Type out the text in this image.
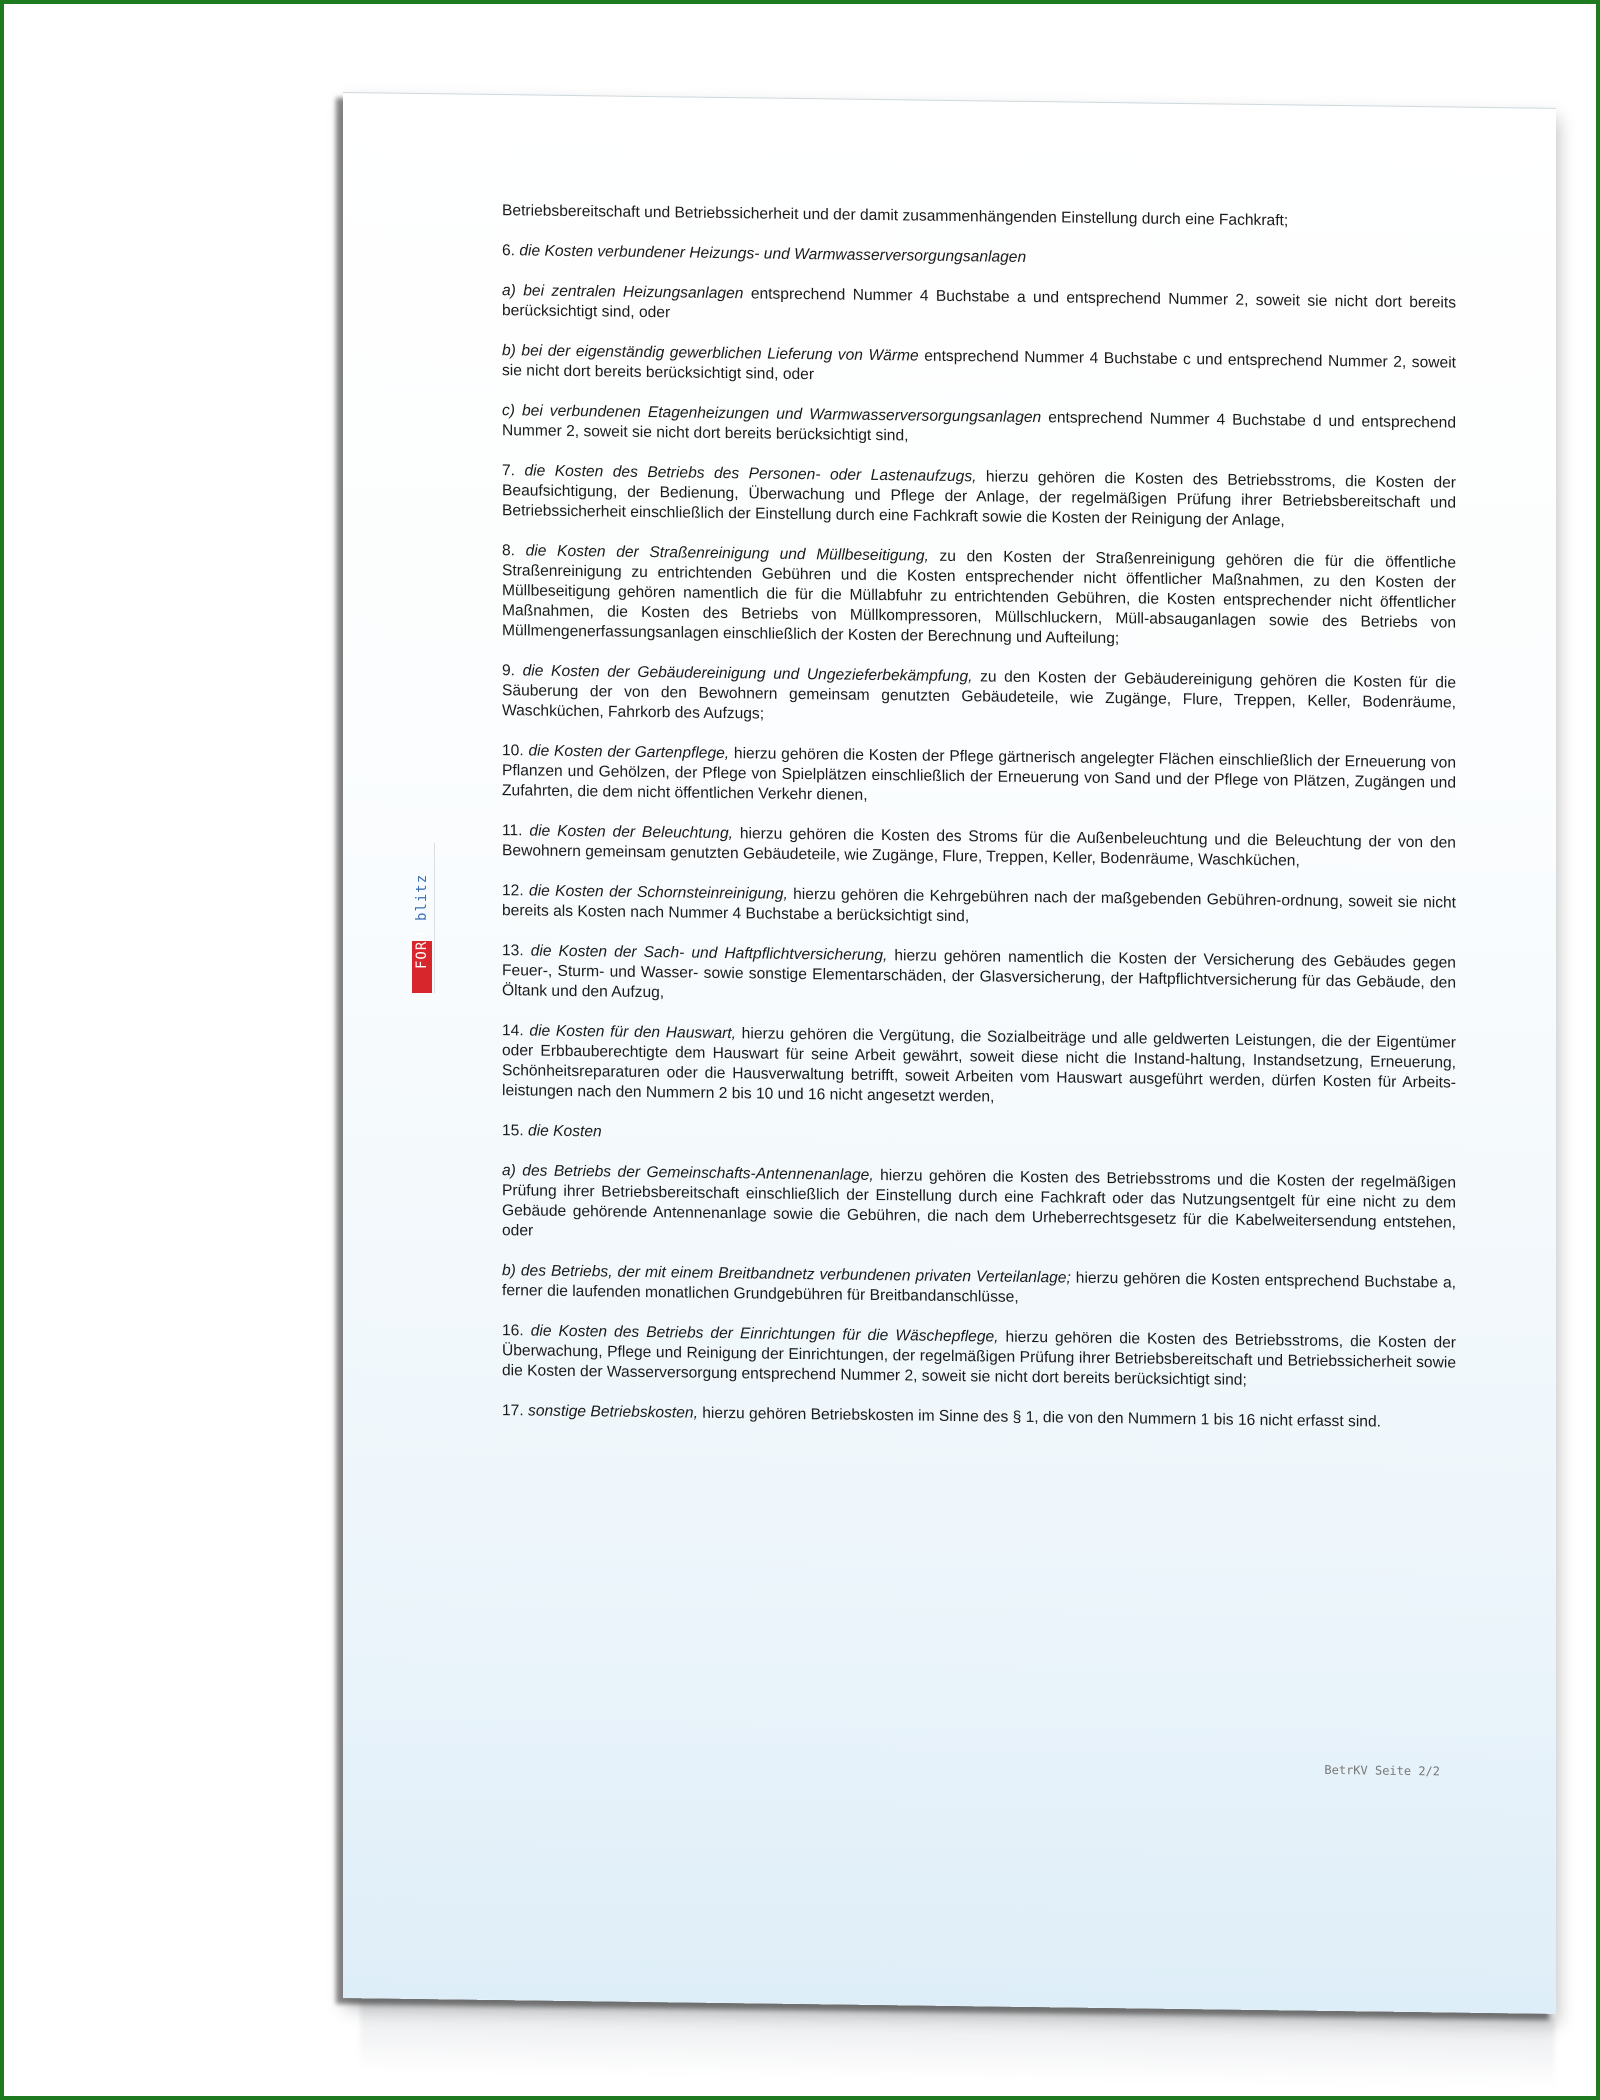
Betriebsbereitschaft und Betriebssicherheit und der damit zusammenhängenden Einstellung durch eine Fachkraft;

6. die Kosten verbundener Heizungs- und Warmwasserversorgungsanlagen

a) bei zentralen Heizungsanlagen entsprechend Nummer 4 Buchstabe a und entsprechend Nummer 2, soweit sie nicht dort bereits berücksichtigt sind, oder

b) bei der eigenständig gewerblichen Lieferung von Wärme entsprechend Nummer 4 Buchstabe c und entsprechend Nummer 2, soweit sie nicht dort bereits berücksichtigt sind, oder

c) bei verbundenen Etagenheizungen und Warmwasserversorgungsanlagen entsprechend Nummer 4 Buchstabe d und entsprechend Nummer 2, soweit sie nicht dort bereits berücksichtigt sind,

7. die Kosten des Betriebs des Personen- oder Lastenaufzugs, hierzu gehören die Kosten des Betriebsstroms, die Kosten der Beaufsichtigung, der Bedienung, Überwachung und Pflege der Anlage, der regelmäßigen Prüfung ihrer Betriebsbereitschaft und Betriebssicherheit einschließlich der Einstellung durch eine Fachkraft sowie die Kosten der Reinigung der Anlage,

8. die Kosten der Straßenreinigung und Müllbeseitigung, zu den Kosten der Straßenreinigung gehören die für die öffentliche Straßenreinigung zu entrichtenden Gebühren und die Kosten entsprechender nicht öffentlicher Maßnahmen, zu den Kosten der Müllbeseitigung gehören namentlich die für die Müllabfuhr zu entrichtenden Gebühren, die Kosten entsprechender nicht öffentlicher Maßnahmen, die Kosten des Betriebs von Müllkompressoren, Müllschluckern, Müll-absauganlagen sowie des Betriebs von Müllmengenerfassungsanlagen einschließlich der Kosten der Berechnung und Aufteilung;

9. die Kosten der Gebäudereinigung und Ungezieferbekämpfung, zu den Kosten der Gebäudereinigung gehören die Kosten für die Säuberung der von den Bewohnern gemeinsam genutzten Gebäudeteile, wie Zugänge, Flure, Treppen, Keller, Bodenräume, Waschküchen, Fahrkorb des Aufzugs;

10. die Kosten der Gartenpflege, hierzu gehören die Kosten der Pflege gärtnerisch angelegter Flächen einschließlich der Erneuerung von Pflanzen und Gehölzen, der Pflege von Spielplätzen einschließlich der Erneuerung von Sand und der Pflege von Plätzen, Zugängen und Zufahrten, die dem nicht öffentlichen Verkehr dienen,

11. die Kosten der Beleuchtung, hierzu gehören die Kosten des Stroms für die Außenbeleuchtung und die Beleuchtung der von den Bewohnern gemeinsam genutzten Gebäudeteile, wie Zugänge, Flure, Treppen, Keller, Bodenräume, Waschküchen,

12. die Kosten der Schornsteinreinigung, hierzu gehören die Kehrgebühren nach der maßgebenden Gebühren-ordnung, soweit sie nicht bereits als Kosten nach Nummer 4 Buchstabe a berücksichtigt sind,

13. die Kosten der Sach- und Haftpflichtversicherung, hierzu gehören namentlich die Kosten der Versicherung des Gebäudes gegen Feuer-, Sturm- und Wasser- sowie sonstige Elementarschäden, der Glasversicherung, der Haftpflichtversicherung für das Gebäude, den Öltank und den Aufzug,

14. die Kosten für den Hauswart, hierzu gehören die Vergütung, die Sozialbeiträge und alle geldwerten Leistungen, die der Eigentümer oder Erbbauberechtigte dem Hauswart für seine Arbeit gewährt, soweit diese nicht die Instand-haltung, Instandsetzung, Erneuerung, Schönheitsreparaturen oder die Hausverwaltung betrifft, soweit Arbeiten vom Hauswart ausgeführt werden, dürfen Kosten für Arbeits-leistungen nach den Nummern 2 bis 10 und 16 nicht angesetzt werden,

15. die Kosten

a) des Betriebs der Gemeinschafts-Antennenanlage, hierzu gehören die Kosten des Betriebsstroms und die Kosten der regelmäßigen Prüfung ihrer Betriebsbereitschaft einschließlich der Einstellung durch eine Fachkraft oder das Nutzungsentgelt für eine nicht zu dem Gebäude gehörende Antennenanlage sowie die Gebühren, die nach dem Urheberrechtsgesetz für die Kabelweitersendung entstehen, oder

b) des Betriebs, der mit einem Breitbandnetz verbundenen privaten Verteilanlage; hierzu gehören die Kosten entsprechend Buchstabe a, ferner die laufenden monatlichen Grundgebühren für Breitbandanschlüsse,

16. die Kosten des Betriebs der Einrichtungen für die Wäschepflege, hierzu gehören die Kosten des Betriebsstroms, die Kosten der Überwachung, Pflege und Reinigung der Einrichtungen, der regelmäßigen Prüfung ihrer Betriebsbereitschaft und Betriebssicherheit sowie die Kosten der Wasserversorgung entsprechend Nummer 2, soweit sie nicht dort bereits berücksichtigt sind;

17. sonstige Betriebskosten, hierzu gehören Betriebskosten im Sinne des § 1, die von den Nummern 1 bis 16 nicht erfasst sind.

BetrKV Seite 2/2
FORMblitz
